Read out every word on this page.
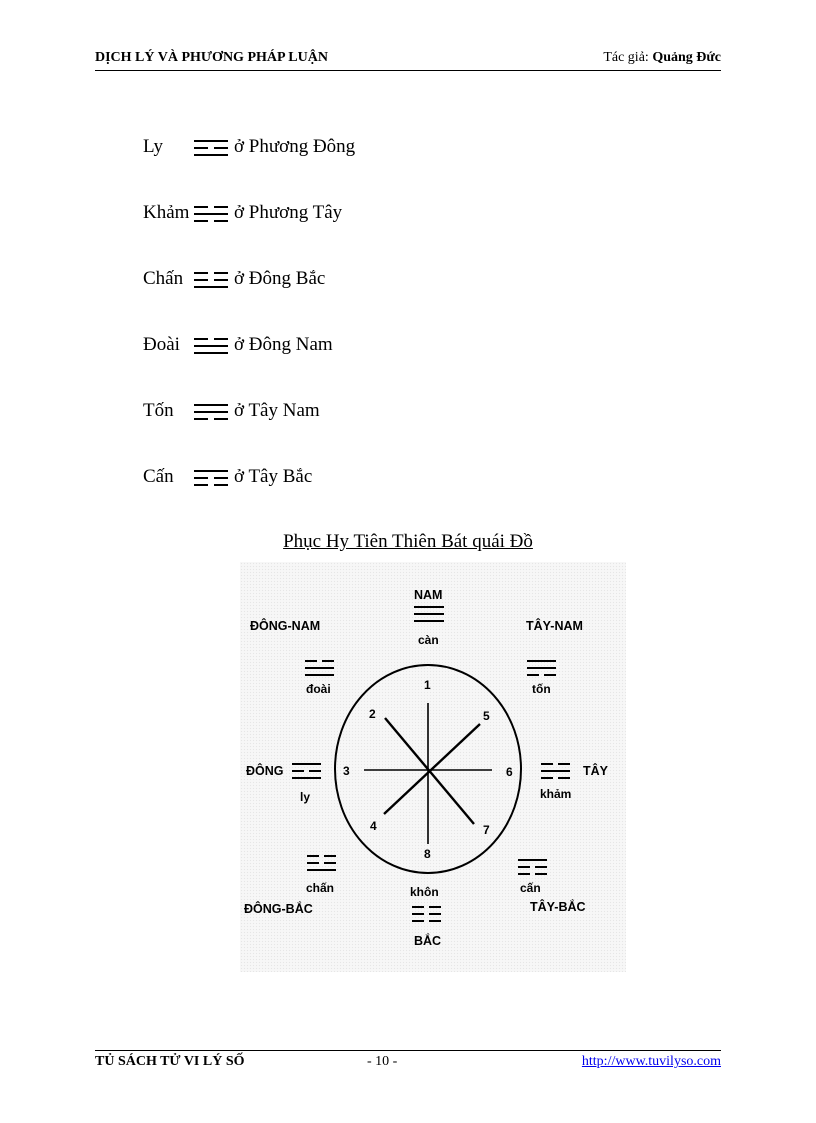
DỊCH LÝ VÀ PHƯƠNG PHÁP LUẬN	Tác giả: Quảng Đức
Ly	ở Phương Đông
Khảm ở Phương Tây
Chấn	ở Đông Bắc
Đoài	ở Đông Nam
Tốn	ở Tây Nam
Cấn	ở Tây Bắc
Phục Hy Tiên Thiên Bát quái Đồ
1
2
3
4
5
6
7
8
NAM
càn
ĐÔNG-NAM
đoài
TÂY-NAM
tốn
ĐÔNG
ly
TÂY
khảm
chấn
ĐÔNG-BẮC
khôn
BẮC
cấn
TÂY-BẮC
TỦ SÁCH TỬ VI LÝ SỐ	- 10 -	http://www.tuvilyso.com
